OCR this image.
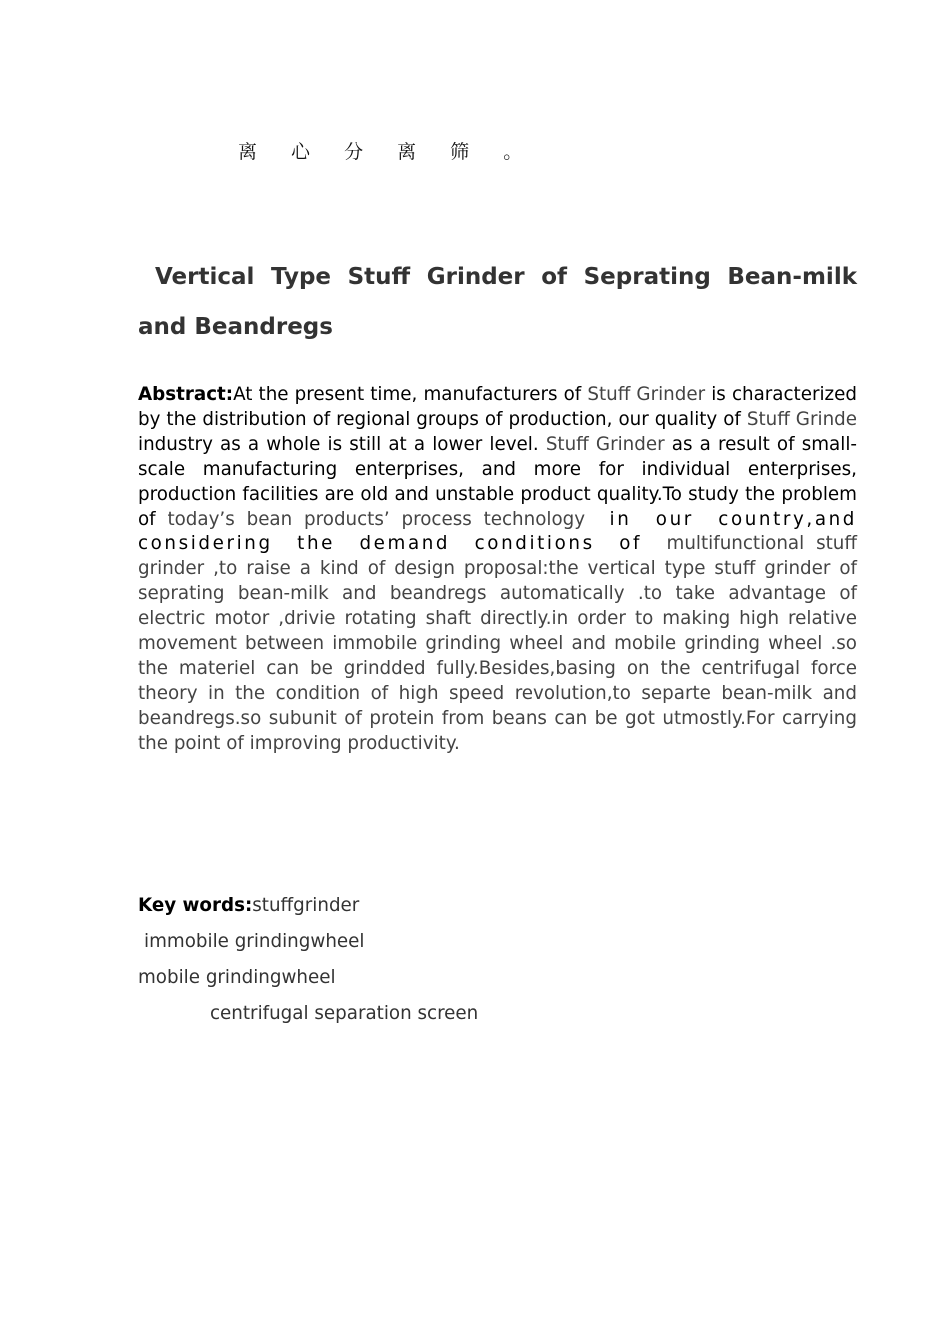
离 心 分 离 筛 。
Vertical Type Stuff Grinder of Seprating Bean-milk and Beandregs
Abstract:At the present time, manufacturers of Stuff Grinder is characterized by the distribution of regional groups of production, our quality of Stuff Grinde industry as a whole is still at a lower level. Stuff Grinder as a result of small-scale manufacturing enterprises, and more for individual enterprises, production facilities are old and unstable product quality.To study the problem of today’s bean products’ process technology in our country,and considering the demand conditions of multifunctional stuff grinder ,to raise a kind of design proposal:the vertical type stuff grinder of seprating bean-milk and beandregs automatically .to take advantage of electric motor ,drivie rotating shaft directly.in order to making high relative movement between immobile grinding wheel and mobile grinding wheel .so the materiel can be grindded fully.Besides,basing on the centrifugal force theory in the condition of high speed revolution,to separte bean-milk and beandregs.so subunit of protein from beans can be got utmostly.For carrying the point of improving productivity.
Key words:stuffgrinder
immobile grindingwheel
mobile grindingwheel
centrifugal separation screen
